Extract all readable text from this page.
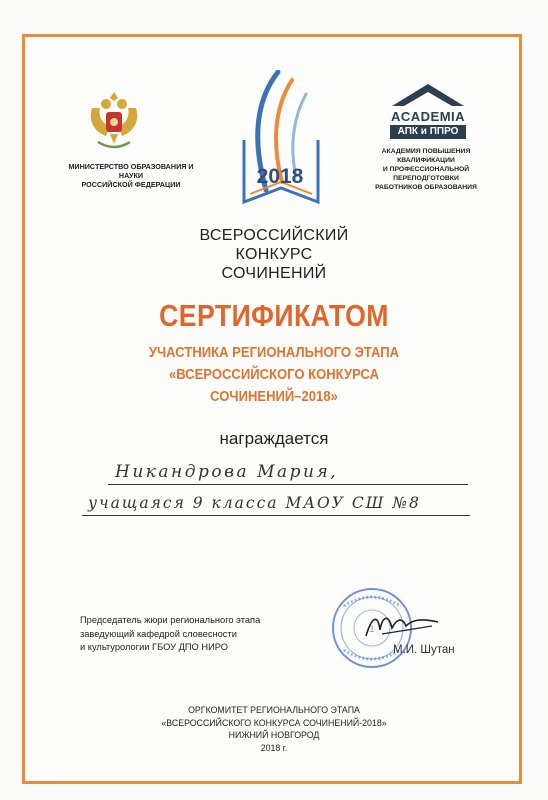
МИНИСТЕРСТВО ОБРАЗОВАНИЯ И НАУКИ
РОССИЙСКОЙ ФЕДЕРАЦИИ	2018
ACADEMIA
АПК и ППРО
АКАДЕМИЯ ПОВЫШЕНИЯ КВАЛИФИКАЦИИ
И ПРОФЕССИОНАЛЬНОЙ ПЕРЕПОДГОТОВКИ
РАБОТНИКОВ ОБРАЗОВАНИЯ
ВСЕРОССИЙСКИЙ
КОНКУРС
СОЧИНЕНИЙ
СЕРТИФИКАТОМ
УЧАСТНИКА РЕГИОНАЛЬНОГО ЭТАПА
«ВСЕРОССИЙСКОГО КОНКУРСА
СОЧИНЕНИЙ–2018»
награждается
Никандрова Мария,
учащаяся 9 класса МАОУ СШ №8
Председатель жюри регионального этапа
заведующий кафедрой словесности
и культурологии ГБОУ ДПО НИРО
1
М.И. Шутан
ОРГКОМИТЕТ РЕГИОНАЛЬНОГО ЭТАПА
«ВСЕРОССИЙСКОГО КОНКУРСА СОЧИНЕНИЙ-2018»
НИЖНИЙ НОВГОРОД
2018 г.
